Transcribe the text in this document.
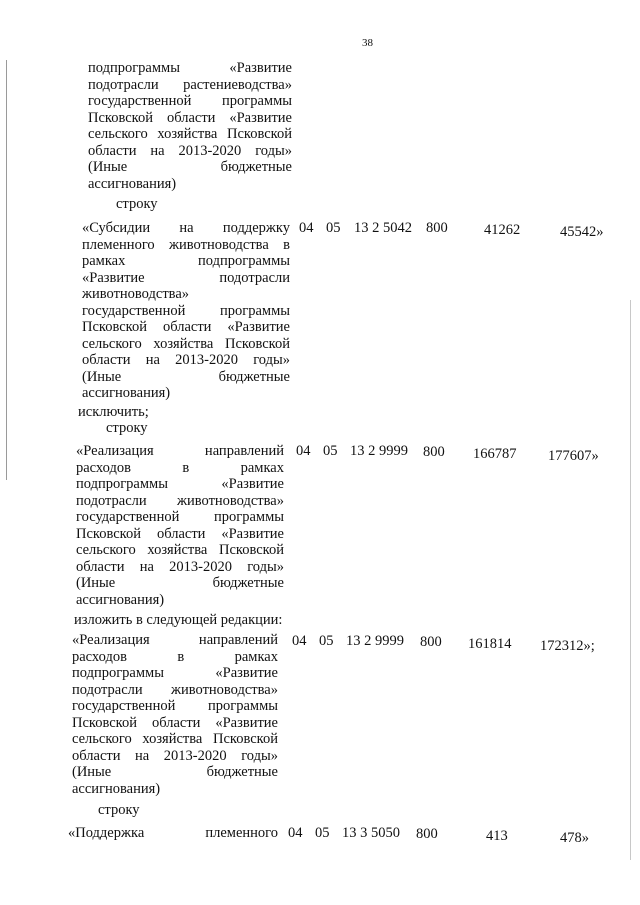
38
подпрограммы «Развитие
подотрасли растениеводства»
государственной программы
Псковской области «Развитие
сельского хозяйства Псковской
области на 2013-2020 годы»
(Иные бюджетные
ассигнования)
строку
«Субсидии на поддержку
племенного животноводства в
рамках подпрограммы
«Развитие подотрасли
животноводства»
государственной программы
Псковской области «Развитие
сельского хозяйства Псковской
области на 2013-2020 годы»
(Иные бюджетные
ассигнования)
04 05 13 2 5042 800	41262	45542»
исключить;
строку
«Реализация направлений
расходов в рамках
подпрограммы «Развитие
подотрасли животноводства»
государственной программы
Псковской области «Развитие
сельского хозяйства Псковской
области на 2013-2020 годы»
(Иные бюджетные
ассигнования)
04 05 13 2 9999 800 166787 177607»
изложить в следующей редакции:
«Реализация направлений
расходов в рамках
подпрограммы «Развитие
подотрасли животноводства»
государственной программы
Псковской области «Развитие
сельского хозяйства Псковской
области на 2013-2020 годы»
(Иные бюджетные
ассигнования)
04 05 13 2 9999 800 161814 172312»;
строку
«Поддержка племенного 04 05 13 3 5050 800	413	478»
